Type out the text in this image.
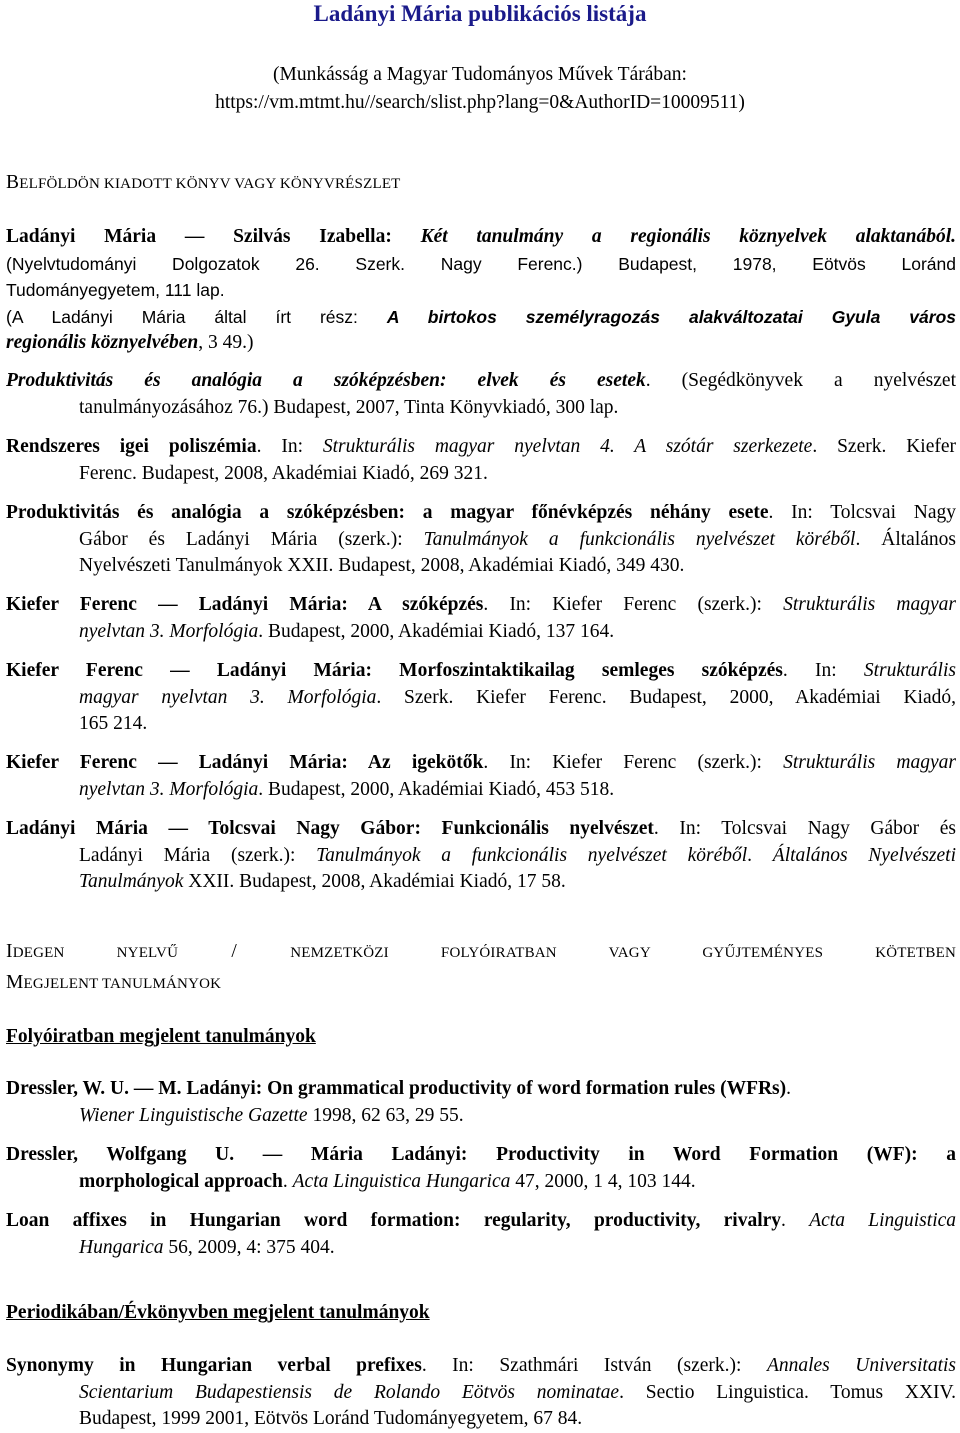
Ladányi Mária publikációs listája
(Munkásság a Magyar Tudományos Művek Tárában:
https://vm.mtmt.hu//search/slist.php?lang=0&AuthorID=10009511)
BELFÖLDÖN KIADOTT KÖNYV VAGY KÖNYVRÉSZLET
Ladányi Mária — Szilvás Izabella: Két tanulmány a regionális köznyelvek alaktanából.
(Nyelvtudományi Dolgozatok 26. Szerk. Nagy Ferenc.) Budapest, 1978, Eötvös Loránd
Tudományegyetem, 111 lap.
(A Ladányi Mária által írt rész: A birtokos személyragozás alakváltozatai Gyula város
regionális köznyelvében, 3 49.)
Produktivitás és analógia a szóképzésben: elvek és esetek. (Segédkönyvek a nyelvészet
tanulmányozásához 76.) Budapest, 2007, Tinta Könyvkiadó, 300 lap.
Rendszeres igei poliszémia. In: Strukturális magyar nyelvtan 4. A szótár szerkezete. Szerk. Kiefer
Ferenc. Budapest, 2008, Akadémiai Kiadó, 269 321.
Produktivitás és analógia a szóképzésben: a magyar főnévképzés néhány esete. In: Tolcsvai Nagy
Gábor és Ladányi Mária (szerk.): Tanulmányok a funkcionális nyelvészet köréből. Általános
Nyelvészeti Tanulmányok XXII. Budapest, 2008, Akadémiai Kiadó, 349 430.
Kiefer Ferenc — Ladányi Mária: A szóképzés. In: Kiefer Ferenc (szerk.): Strukturális magyar
nyelvtan 3. Morfológia. Budapest, 2000, Akadémiai Kiadó, 137 164.
Kiefer Ferenc — Ladányi Mária: Morfoszintaktikailag semleges szóképzés. In: Strukturális
magyar nyelvtan 3. Morfológia. Szerk. Kiefer Ferenc. Budapest, 2000, Akadémiai Kiadó,
165 214.
Kiefer Ferenc — Ladányi Mária: Az igekötők. In: Kiefer Ferenc (szerk.): Strukturális magyar
nyelvtan 3. Morfológia. Budapest, 2000, Akadémiai Kiadó, 453 518.
Ladányi Mária — Tolcsvai Nagy Gábor: Funkcionális nyelvészet. In: Tolcsvai Nagy Gábor és
Ladányi Mária (szerk.): Tanulmányok a funkcionális nyelvészet köréből. Általános Nyelvészeti
Tanulmányok XXII. Budapest, 2008, Akadémiai Kiadó, 17 58.
IDEGEN NYELVŰ / NEMZETKÖZI FOLYÓIRATBAN VAGY GYŰJTEMÉNYES KÖTETBEN
MEGJELENT TANULMÁNYOK
Folyóiratban megjelent tanulmányok
Dressler, W. U. — M. Ladányi: On grammatical productivity of word formation rules (WFRs).
Wiener Linguistische Gazette 1998, 62 63, 29 55.
Dressler, Wolfgang U. — Mária Ladányi: Productivity in Word Formation (WF): a
morphological approach. Acta Linguistica Hungarica 47, 2000, 1 4, 103 144.
Loan affixes in Hungarian word formation: regularity, productivity, rivalry. Acta Linguistica
Hungarica 56, 2009, 4: 375 404.
Periodikában/Évkönyvben megjelent tanulmányok
Synonymy in Hungarian verbal prefixes. In: Szathmári István (szerk.): Annales Universitatis
Scientarium Budapestiensis de Rolando Eötvös nominatae. Sectio Linguistica. Tomus XXIV.
Budapest, 1999 2001, Eötvös Loránd Tudományegyetem, 67 84.
